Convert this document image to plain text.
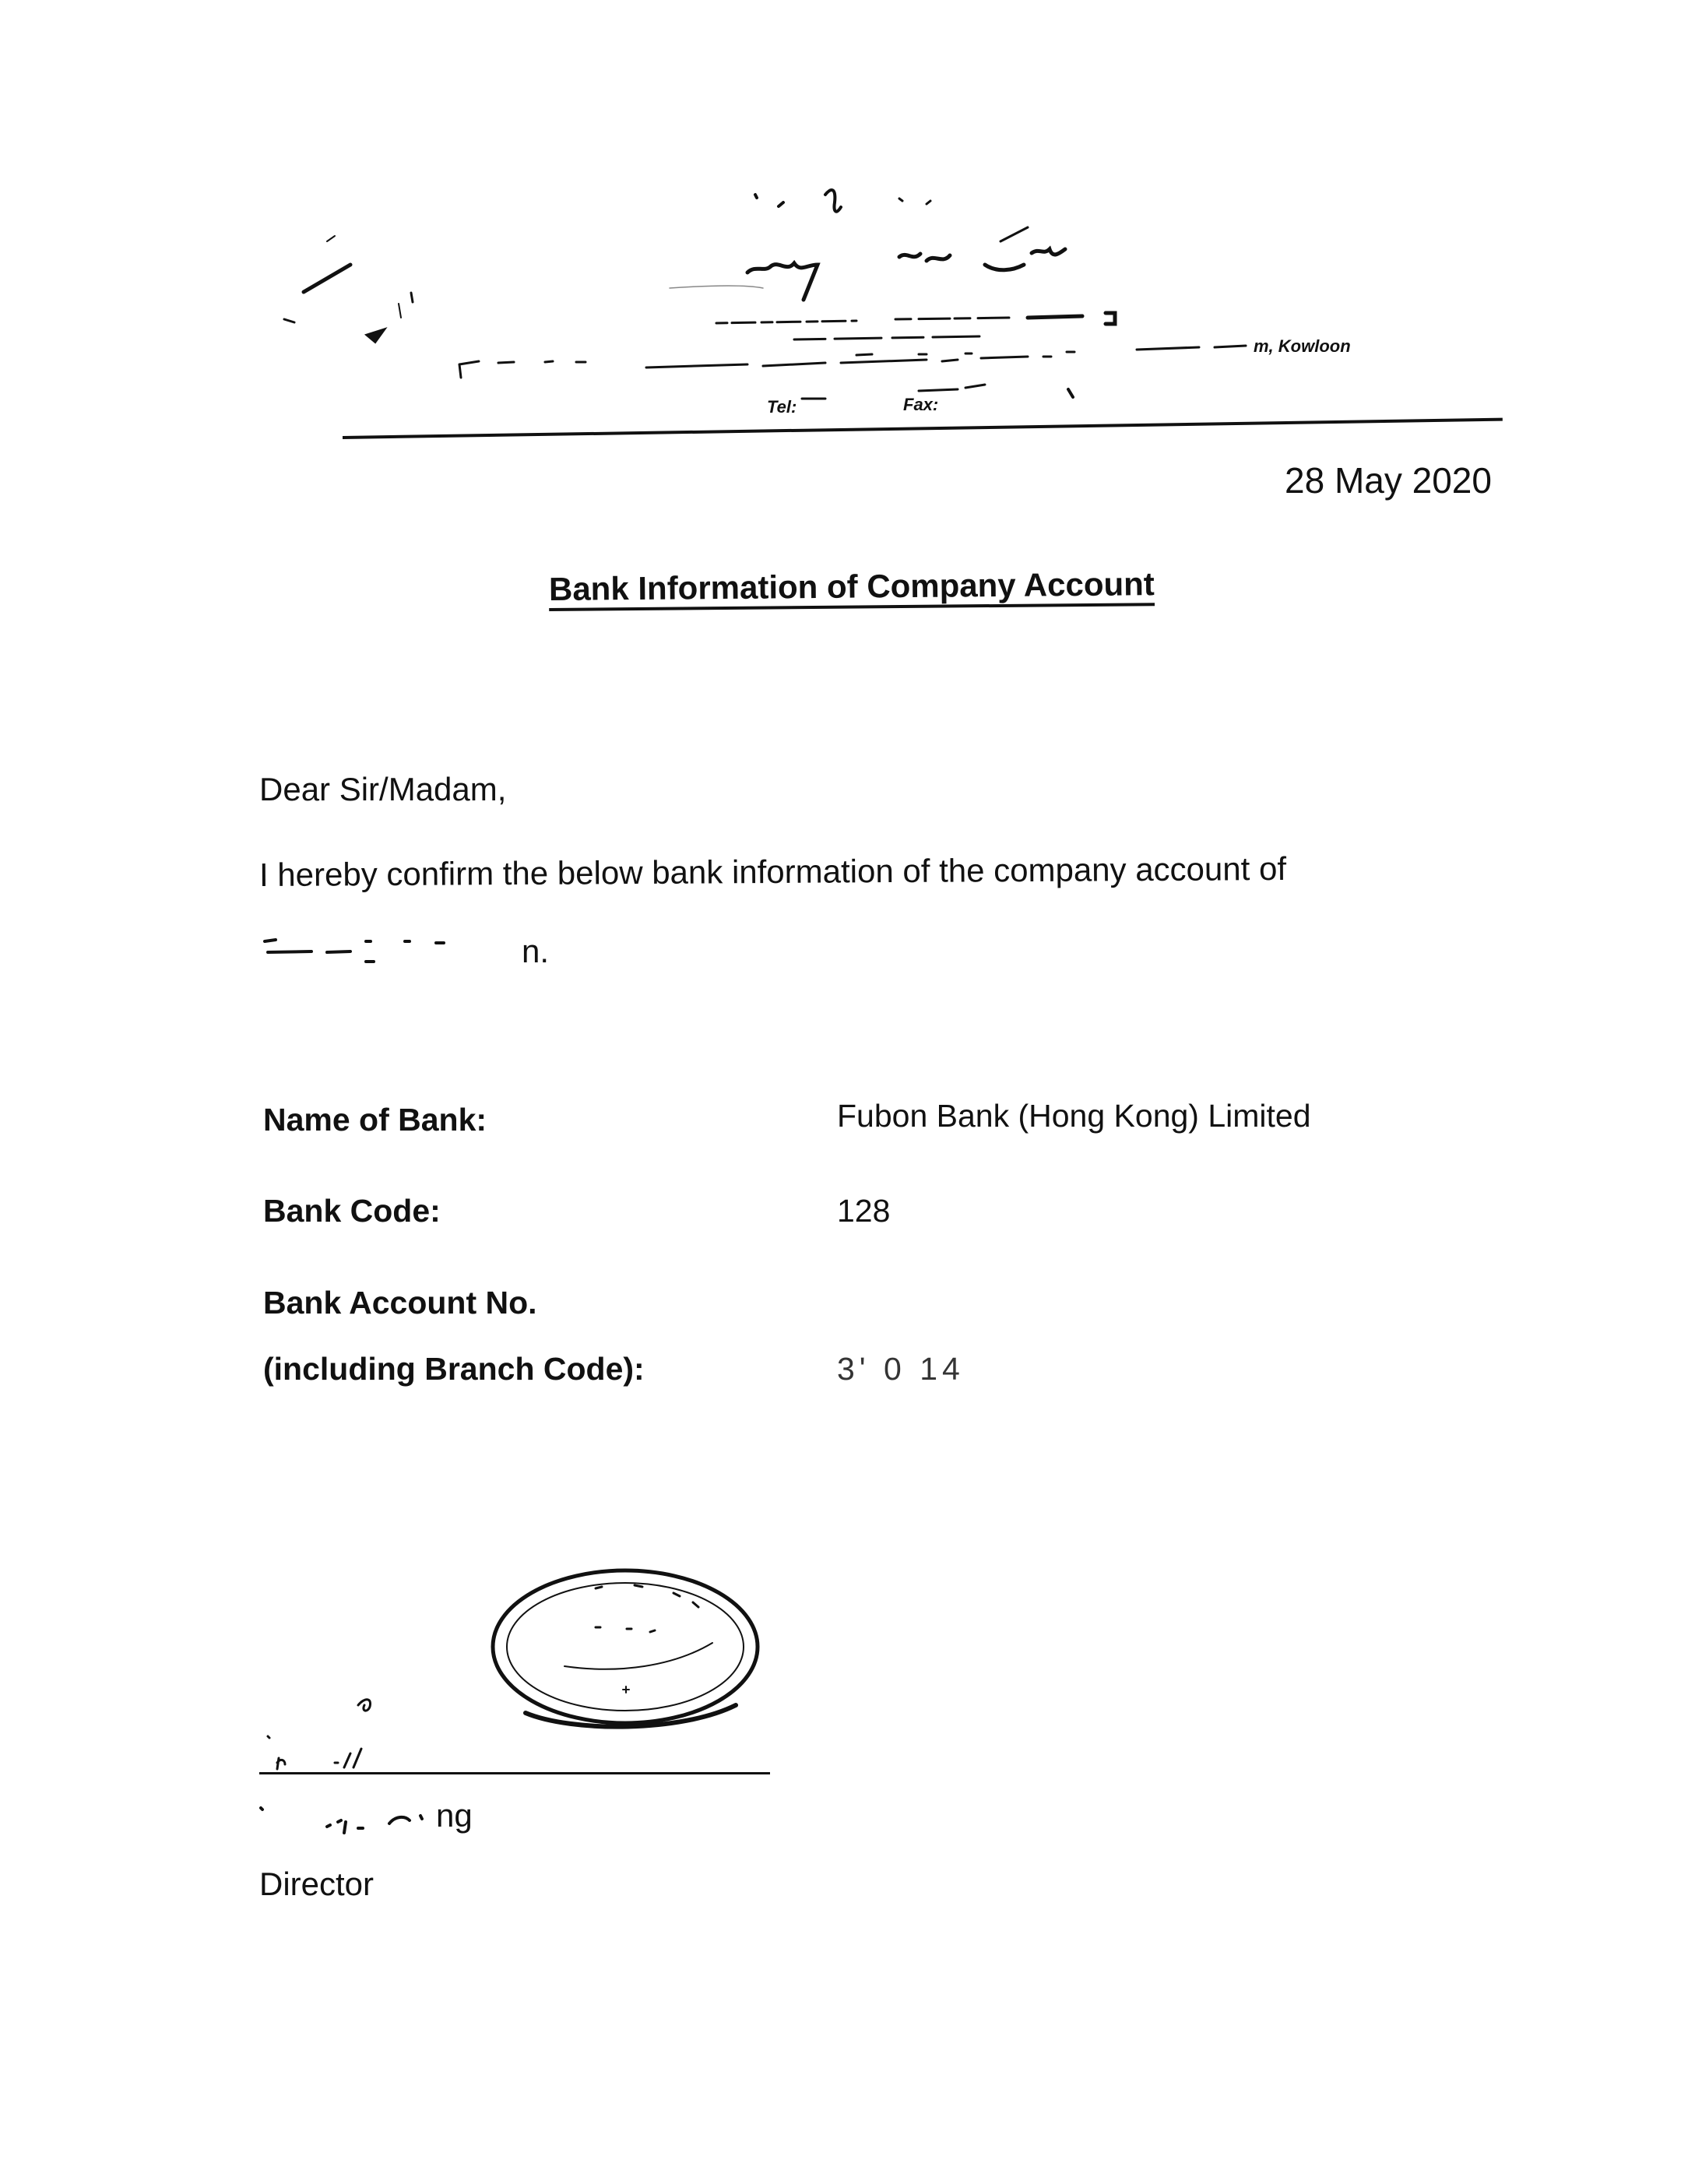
m, Kowloon
Tel:	Fax:
28 May 2020
Bank Information of Company Account
Dear Sir/Madam,
I hereby confirm the below bank information of the company account of
n.
Name of Bank:	Fubon Bank (Hong Kong) Limited
Bank Code:	128
Bank Account No.
(including Branch Code):	3' 0 14
ng
Director
